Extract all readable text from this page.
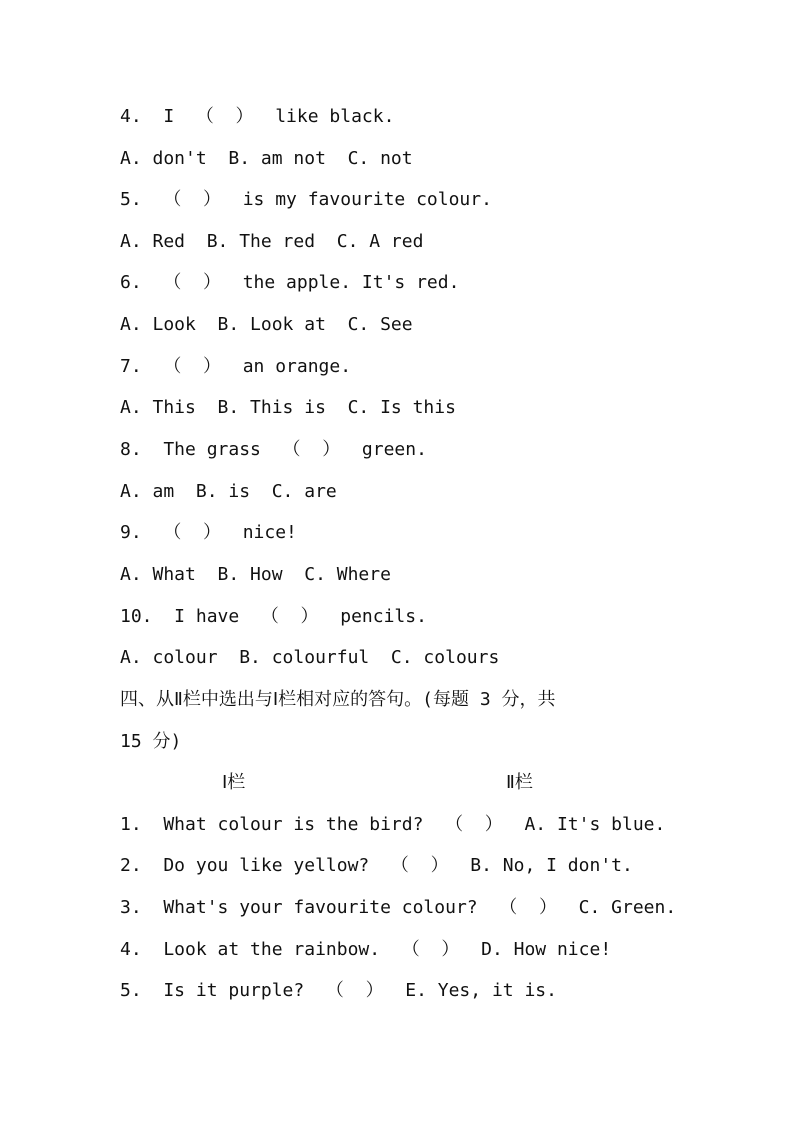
4.  I  （  ）  like black.

A. don't  B. am not  C. not

5.  （  ）  is my favourite colour.

A. Red  B. The red  C. A red

6.  （  ）  the apple. It's red.

A. Look  B. Look at  C. See

7.  （  ）  an orange.

A. This  B. This is  C. Is this

8.  The grass  （  ）  green.

A. am  B. is  C. are

9.  （  ）  nice!

A. What  B. How  C. Where

10.  I have  （  ）  pencils.

A. colour  B. colourful  C. colours

四、从Ⅱ栏中选出与Ⅰ栏相对应的答句。(每题 3 分，共

15 分)

Ⅰ栏	Ⅱ栏

1.  What colour is the bird?  （  ）  A. It's blue.

2.  Do you like yellow?  （  ）  B. No, I don't.

3.  What's your favourite colour?  （  ）  C. Green.

4.  Look at the rainbow.  （  ）  D. How nice!

5.  Is it purple?  （  ）  E. Yes, it is.
